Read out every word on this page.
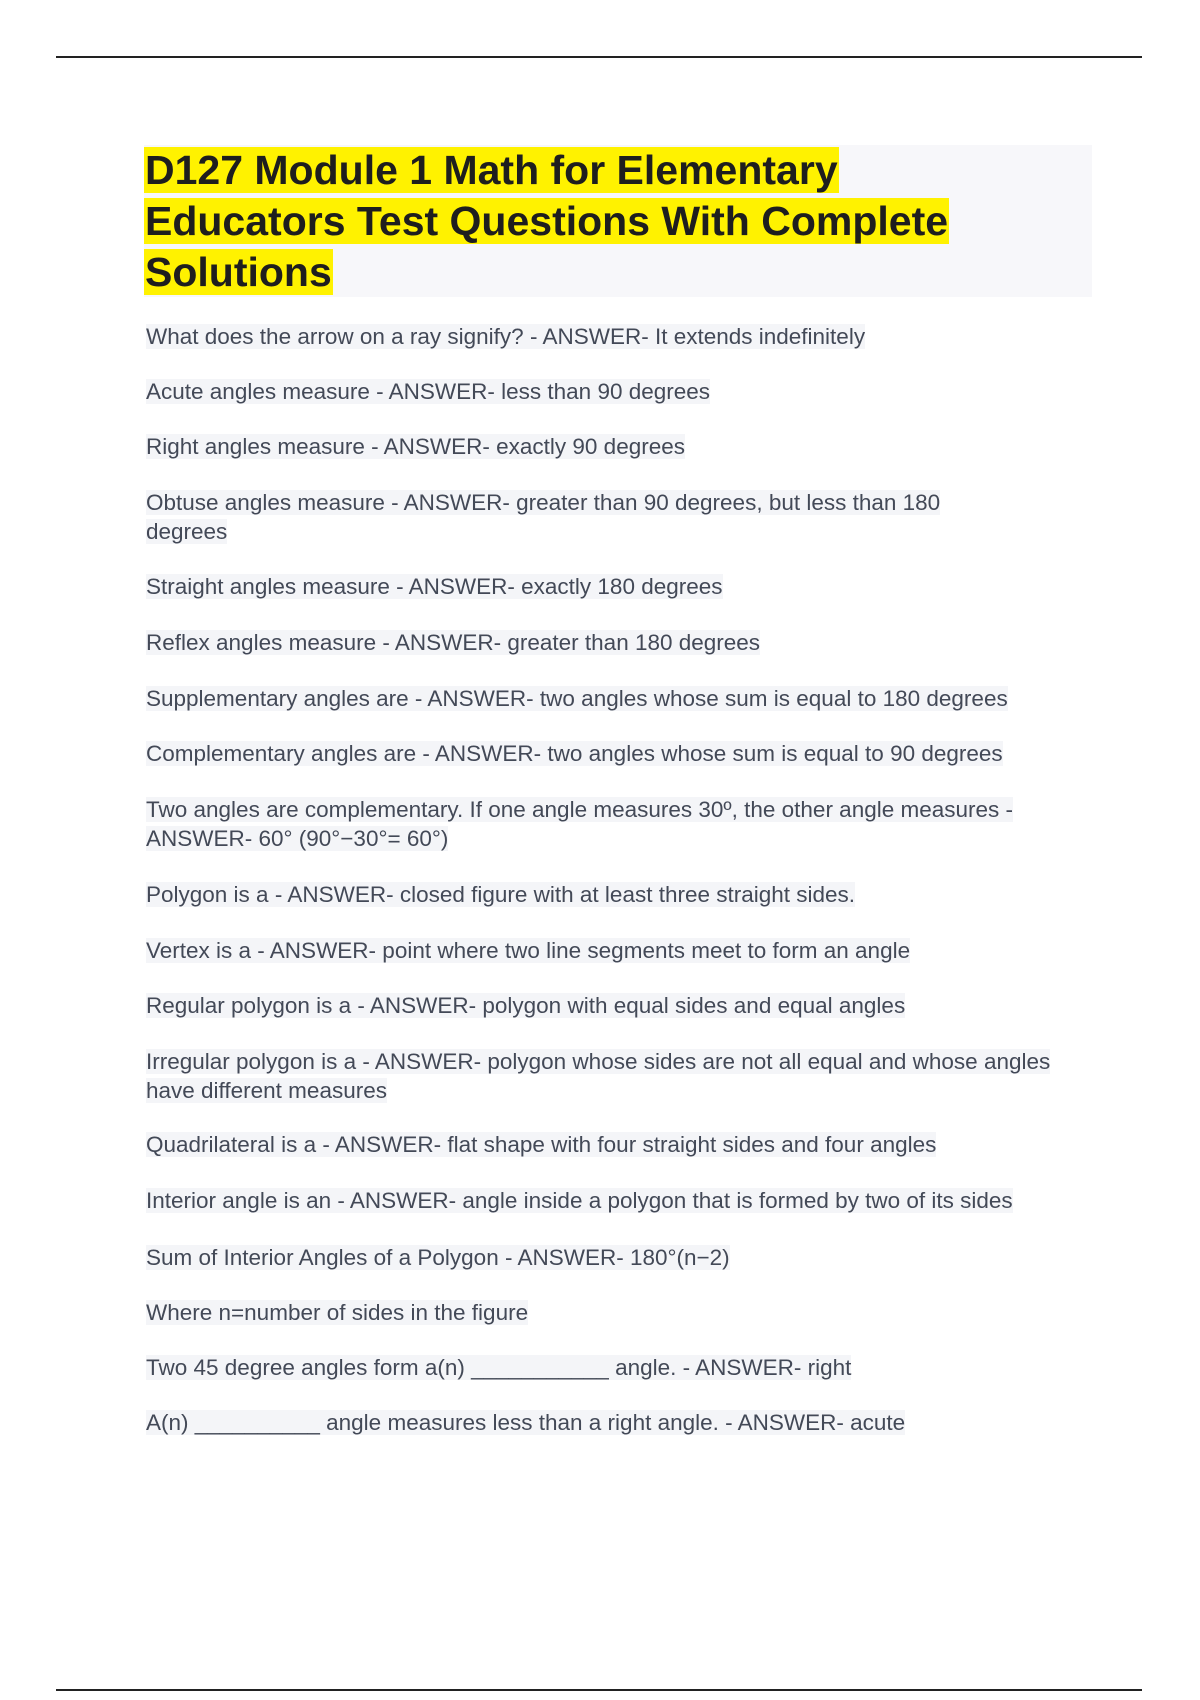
D127 Module 1 Math for Elementary
Educators Test Questions With Complete
Solutions
What does the arrow on a ray signify? - ANSWER- It extends indefinitely
Acute angles measure - ANSWER- less than 90 degrees
Right angles measure - ANSWER- exactly 90 degrees
Obtuse angles measure - ANSWER- greater than 90 degrees, but less than 180 degrees
Straight angles measure - ANSWER- exactly 180 degrees
Reflex angles measure - ANSWER- greater than 180 degrees
Supplementary angles are - ANSWER- two angles whose sum is equal to 180 degrees
Complementary angles are - ANSWER- two angles whose sum is equal to 90 degrees
Two angles are complementary. If one angle measures 30º, the other angle measures - ANSWER- 60° (90°−30°= 60°)
Polygon is a - ANSWER- closed figure with at least three straight sides.
Vertex is a - ANSWER- point where two line segments meet to form an angle
Regular polygon is a - ANSWER- polygon with equal sides and equal angles
Irregular polygon is a - ANSWER- polygon whose sides are not all equal and whose angles have different measures
Quadrilateral is a - ANSWER- flat shape with four straight sides and four angles
Interior angle is an - ANSWER- angle inside a polygon that is formed by two of its sides
Sum of Interior Angles of a Polygon - ANSWER- 180°(n−2)
Where n=number of sides in the figure
Two 45 degree angles form a(n) ___________ angle. - ANSWER- right
A(n) __________ angle measures less than a right angle. - ANSWER- acute
